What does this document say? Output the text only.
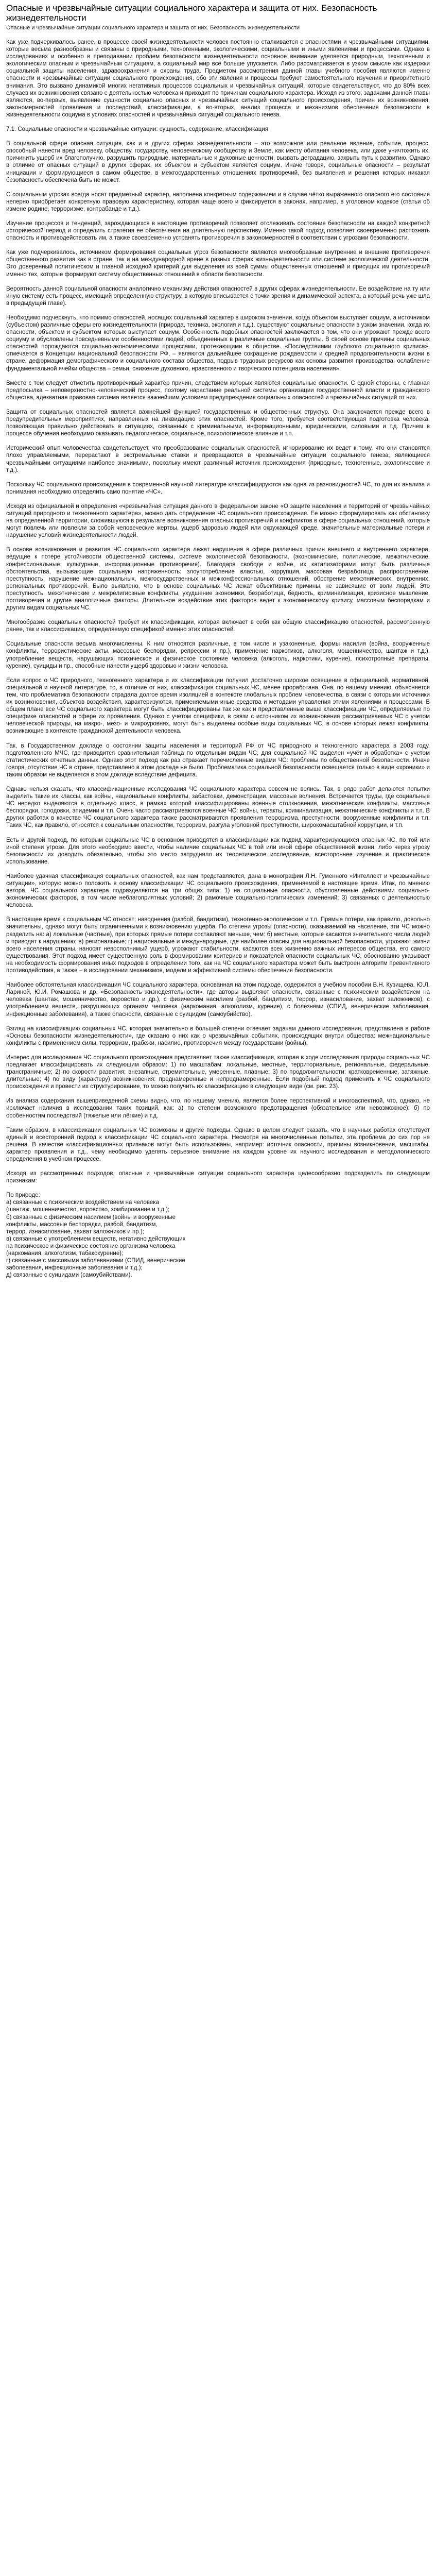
Опасные и чрезвычайные ситуации социального характера и защита от них. Безопасность жизнедеятельности
Опасные и чрезвычайные ситуации социального характера и защита от них. Безопасность жизнедеятельности

Как уже подчеркивалось ранее, в процессе своей жизнедеятельности человек постоянно сталкивается с опасностями и чрезвычайными ситуациями, которые весьма разнообразны и связаны с природными, техногенными, экологическими, социальными и иными явлениями и процессами. Однако в исследованиях и особенно в преподавании проблем безопасности жизнедеятельности основное внимание уделяется природным, техногенным и экологическим опасным и чрезвычайным ситуациям, а социальный мир всё больше упускается. Либо рассматривается в узком смысле как издержки социальной защиты населения, здравоохранения и охраны труда. Предметом рассмотрения данной главы учебного пособия являются именно опасности и чрезвычайные ситуации социального происхождения, обо эти явления и процессы требуют самостоятельного изучения и приоритетного внимания. Это вызвано динамикой многих негативных процессов социальных и чрезвычайных ситуаций, которые свидетельствуют, что до 80% всех случаев их возникновения связано с деятельностью человека и приходит по причинам социального характера. Исходя из этого, задачами данной главы являются, во-первых, выявление сущности социально опасных и чрезвычайных ситуаций социального происхождения, причин их возникновения, закономерностей проявления и последствий, классификации, а во-вторых, анализ процесса и механизмов обеспечения безопасности в жизнедеятельности социума в условиях опасностей и чрезвычайных ситуаций социального генеза.

7.1. Социальные опасности и чрезвычайные ситуации: сущность, содержание, классификация

В социальной сфере опасная ситуация, как и в других сферах жизнедеятельности – это возможное или реальное явление, событие, процесс, способный нанести вред человеку, обществу, государству, человеческому сообществу и Земле, как месту обитания человека, или даже уничтожить их, причинить ущерб их благополучию, разрушить природные, материальные и духовные ценности, вызвать деградацию, закрыть путь к развитию. Однако в отличие от опасных ситуаций в других сферах, их объектом и субъектом является социум. Иначе говоря, социальные опасности – результат инициации и формирующиеся в самом обществе, в межгосударственных отношениях противоречий, без выявления и решения которых никакая безопасность обеспечена быть не может.

С социальным угрозах всегда носят предметный характер, наполнена конкретным содержанием и в случае чётко выраженного опасного его состояния неперно приобретает конкретную правовую характеристику, которая чаще всего и фиксируется в законах, например, в уголовном кодексе (статьи об измене родине, терроризме, контрабанде и т.д.).

Изучение процессов и тенденций, зарождающихся в настоящее противоречий позволяет отслеживать состояние безопасности на каждой конкретной исторической период и определить стратегия ее обеспечения на длительную перспективу. Именно такой подход позволяет своевременно распознать опасность и противодействовать им, а также своевременно устранять противоречия в закономерностей в соответствии с угрозами безопасности.

Как уже подчеркивалось, источником формирования социальных угроз безопасности являются многообразные внутренние и внешние противоречия общественного развития как в стране, так и на международной арене в разных сферах жизнедеятельности или системе экологической деятельности. Это доверенный политическом и главной исходной критерий для выделения из всей суммы общественных отношений и присущих им противоречий именно тех, которые формируют систему общественных отношений в области безопасности.

Вероятность данной социальной опасности аналогично механизму действия опасностей в других сферах жизнедеятельности. Ее воздействие на ту или иную систему есть процесс, имеющий определенную структуру, в которую вписывается с точки зрения и динамической аспекта, а который речь уже шла в предыдущей главе).

Необходимо подчеркнуть, что помимо опасностей, носящих социальный характер в широком значении, когда объектом выступает социум, а источником (субъектом) различные сферы его жизнедеятельности (природа, техника, экология и т.д.), существуют социальные опасности в узком значении, когда их опасности, объектом и субъектом которых выступает социум. Особенность подобных опасностей заключается в том, что они угрожают прежде всего социуму и обусловлены повседневными особенностями людей, объединенных в различные социальные группы. В своей основе причины социальных опасностей порождаются социально-экономическими процессами, протекающими в обществе. «Последствиями глубокого социального кризиса», отмечается в Концепции национальной безопасности РФ, – являются дальнейшее сокращение рождаемости и средней продолжительности жизни в стране, деформация демографического и социального состава общества, подрыв трудовых ресурсов как основы развития производства, ослабление фундаментальной ячейки общества – семьи, снижение духовного, нравственного и творческого потенциала населения».

Вместе с тем следует отметить противоречивый характер причин, следствием которых являются социальные опасности. С одной стороны, с главная предпосылка – неповерхностно-человеческий процесс, поэтому нарастание реальной системы организации государственной власти и гражданского общества, адекватная правовая система является важнейшим условием предупреждения социальных опасностей и чрезвычайных ситуаций от них.

Защита от социальных опасностей является важнейшей функцией государственных и общественных структур. Она заключается прежде всего в предупредительных мероприятиях, направленных на ликвидацию этих опасностей. Кроме того, требуется соответствующая подготовка человека, позволяющая правильно действовать в ситуациях, связанных с криминальными, информационными, юридическими, силовыми и т.д. Причем в процессе обучения необходимо оказывать педагогическое, социальное, психологическое влияние и т.п.

Исторический опыт человечества свидетельствует, что преобразование социальных опасностей, игнорирование их ведет к тому, что они становятся плохо управляемыми, перерастают в экстремальные ставки и превращаются в чрезвычайные ситуации социального генеза, являющиеся чрезвычайными ситуациями наиболее значимыми, поскольку имеют различный источник происхождения (природные, техногенные, экологические и т.д.).

Поскольку ЧС социального происхождения в современной научной литературе классифицируются как одна из разновидностей ЧС, то для их анализа и понимания необходимо определить само понятие «ЧС».

Исходя из официальной и определения «чрезвычайная ситуация данного в федеральном законе «О защите населения и территорий от чрезвычайных ситуаций природного и техногенного характера», можно дать определение ЧС социального происхождения. Ее можно сформулировать как обстановку на определенной территории, сложившуюся в результате возникновения опасных противоречий и конфликтов в сфере социальных отношений, которые могут повлечь или повлекли за собой человеческие жертвы, ущерб здоровью людей или окружающей среде, значительные материальные потери и нарушение условий жизнедеятельности людей.

В основе возникновения и развития ЧС социального характера лежат нарушения в сфере различных причин внешнего и внутреннего характера, ведущие к потере устойчивости общественной системы, системе экологической безопасности, (экономические, политические, межэтнические, конфессиональные, культурные, информационные противоречия). Благодаря свободе и войне, их катализаторами могут быть различные обстоятельства, вызывающие социальную напряженность: злоупотребление властью, коррупция, массовая безработица, распространение, преступность, нарушение межнациональных, межгосударственных и межконфессиональных отношений, обострение межэтнических, внутренних, региональных противоречий. Было выявлено, что в основе социальных ЧС лежат объективные причины, не зависящие от воли людей. Это преступность, межэтнические и межрелигиозные конфликты, ухудшение экономики, безработица, бедность, криминализация, кризисное мышление, противоречия и другие аналогичные факторы. Длительное воздействие этих факторов ведет к экономическому кризису, массовым беспорядкам и другим видам социальных ЧС.

Многообразие социальных опасностей требует их классификации, которая включает в себя как общую классификацию опасностей, рассмотренную ранее, так и классификацию, определяемую спецификой именно этих опасностей.

Социальные опасности весьма многочисленны. К ним относятся различные, в том числе и узаконенные, формы насилия (война, вооруженные конфликты, террористические акты, массовые беспорядки, репрессии и пр.), применение наркотиков, алкоголя, мошенничество, шантаж и т.д.), употребление веществ, нарушающих психическое и физическое состояние человека (алкоголь, наркотики, курение), психотропные препараты, курение), суициды и пр., способные нанести ущерб здоровью и жизни человека.

Если вопрос о ЧС природного, техногенного характера и их классификации получил достаточно широкое освещение в официальной, нормативной, специальной и научной литературе, то, в отличие от них, классификация социальных ЧС, менее проработана. Она, по нашему мнению, объясняется тем, что проблематика безопасности страдала долгое время изоляцией в контексте глобальных проблем человечества, в связи с которыми источники их возникновения, объектов воздействия, характеризуются, применяемыми иные средства и методами управления этими явлениями и процессами. В общем плане все ЧС социального характера могут быть классифицированы так же как и представленные выше классификации ЧС, определяемые по специфике опасностей и сфере их проявления. Однако с учетом специфики, в связи с источником их возникновения рассматриваемых ЧС с учетом человеческой природы, на макро-, мезо- и микроуровнях, могут быть выделены особые виды социальных ЧС, в основе которых лежат конфликты, возникающие в контексте гражданской деятельности человека.

Так, в Государственном докладе о состоянии защиты населения и территорий РФ от ЧС природного и техногенного характера в 2003 году, подготовленного МЧС, где приводится сравнительная таблица по отдельным видам ЧС, для социальной ЧС выделен «учёт и обработка» с учетом статистических отчетных данных. Однако этот подход как раз отражает перечисленные видами ЧС: проблемы по общественной безопасности. Иначе говоря, отсутствие ЧС в стране, представлено в этом докладе не было. Проблематика социальной безопасности освещается только в виде «хроники» и таким образом не выделяется в этом докладе вследствие дефицита.

Однако нельзя сказать, что классификационные исследования ЧС социального характера совсем не велись. Так, в ряде работ делаются попытки выделить такие их классы, как войны, национальные конфликты, забастовки, демонстрации, массовые волнения. Встречается труды, где социальные ЧС нередко выделяются в отдельную класс, в рамках которой классифицированы военные столкновения, межэтнические конфликты, массовые беспорядки, голодовки, эпидемии и т.п. Очень часто рассматриваются военные ЧС: войны, теракты, криминализация, межэтнические конфликты и т.п. В других работах в качестве ЧС социального характера также рассматриваются проявления терроризма, преступности, вооруженные конфликты и т.п. Таких ЧС, как правило, относятся к социальным опасностям, терроризм, разгула уголовной преступности, широкомасштабной коррупции, и т.п.

Есть и другой подход, по которым социальные ЧС в основном приводятся в классификации как подвид характеризующихся опасных ЧС, по той или иной степени угрозе. Для этого необходимо ввести, чтобы наличие социальных ЧС в той или иной сфере общественной жизни, либо через угрозу безопасности их доводить обязательно, чтобы это место затрудняло их теоретическое исследование, всестороннее изучение и практическое использование.

Наиболее удачная классификация социальных опасностей, как нам представляется, дана в монографии Л.Н. Гуменного «Интеллект и чрезвычайные ситуации», которую можно положить в основу классификации ЧС социального происхождения, применяемой в настоящее время. Итак, по мнению автора, ЧС социального характера подразделяются на три общих типа: 1) на социальные опасности, обусловленные действиями социально-экономических факторов, в том числе неблагоприятных условий; 2) рамочные социально-политических изменений; 3) связанных с деятельностью человека.

В настоящее время к социальным ЧС относят: наводнения (разбой, бандитизм), техногенно-экологические и т.п. Прямые потери, как правило, довольно значительны, однако могут быть ограниченными к возникновению ущерба. По степени угрозы (опасности), оказываемой на население, эти ЧС можно разделить на: а) локальные (частные), при которых прямые потери составляют меньше, чем: б) местные, которые касаются значительного числа людей и приводят к нарушению; в) региональные; г) национальные и международные, где наиболее опасны для национальной безопасности, угрожают жизни всего населения страны, наносят невосполнимый ущерб, угрожают стабильности, касаются всех жизненно важных интересов общества, его самого существования. Этот подход имеет существенную роль в формировании критериев и показателей опасности социальных ЧС, обоснованно указывает на необходимость формирования иных подходов в определении того, как на ЧС социального характера может быть выстроен алгоритм превентивного противодействия, а также – в исследовании механизмов, модели и эффективной системы обеспечения безопасности.

Наиболее обстоятельная классификация ЧС социального характера, основанная на этом подходе, содержится в учебном пособии В.Н. Кузищева, Ю.Л. Лариной, Ю.И. Ромашова и др. «Безопасность жизнедеятельности», где авторы выделяют опасности, связанные с психическим воздействием на человека (шантаж, мошенничество, воровство и др.), с физическим насилием (разбой, бандитизм, террор, изнасилование, захват заложников), с употреблением веществ, разрушающих организм человека (наркомания, алкоголизм, курение), с болезнями (СПИД, венерические заболевания, инфекционные заболевания), а также опасности, связанные с суицидом (самоубийство).

Взгляд на классификацию социальных ЧС, которая значительно в большей степени отвечает задачам данного исследования, представлена в работе «Основы безопасности жизнедеятельности», где сказано о них как о чрезвычайных событиях, происходящих внутри общества: межнациональные конфликты с применением силы, терроризм, грабежи, насилие, противоречия между государствами (войны).

Интерес для исследования ЧС социального происхождения представляет также классификация, которая в ходе исследования природы социальных ЧС предлагает классифицировать их следующим образом: 1) по масштабам: локальные, местные, территориальные, региональные, федеральные, трансграничные; 2) по скорости развития: внезапные, стремительные, умеренные, плавные; 3) по продолжительности: кратковременные, затяжные, длительные; 4) по виду (характеру) возникновения: преднамеренные и непреднамеренные. Если подобный подход применить к ЧС социального происхождения и провести их структурирование, то можно получить их классификацию в следующем виде (см. рис. 23).

Из анализа содержания вышеприведенной схемы видно, что, по нашему мнению, является более перспективной и многоаспектной, что, однако, не исключает наличия в исследовании таких позиций, как: а) по степени возможного предотвращения (обязательное или невозможное); б) по особенностям последствий (тяжелые или лёгкие) и т.д.

Таким образом, в классификации социальных ЧС возможны и другие подходы. Однако в целом следует сказать, что в научных работах отсутствует единый и всесторонний подход к классификации ЧС социального характера. Несмотря на многочисленные попытки, эта проблема до сих пор не решена. В качестве классификационных признаков могут быть использованы, например: источник опасности, причины возникновения, масштабы, характер проявления и т.д., чему необходимо уделять серьезное внимание на каждом уровне их научного исследования и методологического определения в учебном процессе.

Исходя из рассмотренных подходов, опасные и чрезвычайные ситуации социального характера целесообразно подразделить по следующим признакам:

По природе:

а) связанные с психическим воздействием на человека

(шантаж, мошенничество, воровство, зомбирование и т.д.);

б) связанные с физическим насилием (войны и вооруженные

конфликты, массовые беспорядки, разбой, бандитизм,

террор, изнасилование, захват заложников и пр.);

в) связанные с употреблением веществ, негативно действующих

на психическое и физическое состояние организма человека

(наркомания, алкоголизм, табакокурение);

г) связанные с массовыми заболеваниями (СПИД, венерические

заболевания, инфекционные заболевания и т.д.);

д) связанные с суицидами (самоубийствами).
